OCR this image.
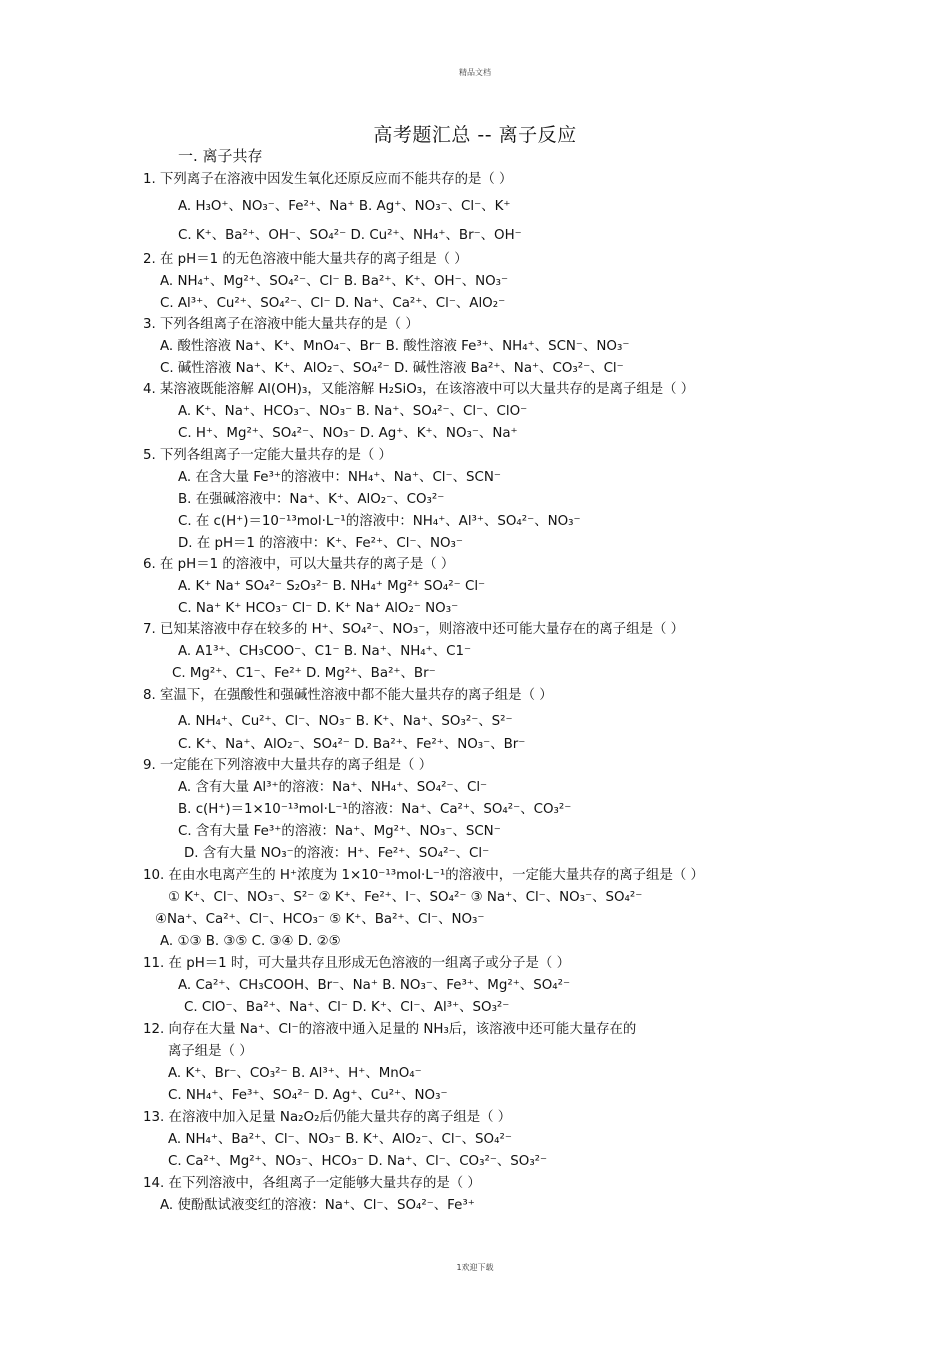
精品文档
高考题汇总 -- 离子反应
一. 离子共存
1. 下列离子在溶液中因发生氧化还原反应而不能共存的是（ ）
A. H₃O⁺、NO₃⁻、Fe²⁺、Na⁺ B. Ag⁺、NO₃⁻、Cl⁻、K⁺
C. K⁺、Ba²⁺、OH⁻、SO₄²⁻ D. Cu²⁺、NH₄⁺、Br⁻、OH⁻
2. 在 pH＝1 的无色溶液中能大量共存的离子组是（ ）
A. NH₄⁺、Mg²⁺、SO₄²⁻、Cl⁻ B. Ba²⁺、K⁺、OH⁻、NO₃⁻
C. Al³⁺、Cu²⁺、SO₄²⁻、Cl⁻ D. Na⁺、Ca²⁺、Cl⁻、AlO₂⁻
3. 下列各组离子在溶液中能大量共存的是（ ）
A. 酸性溶液 Na⁺、K⁺、MnO₄⁻、Br⁻ B. 酸性溶液 Fe³⁺、NH₄⁺、SCN⁻、NO₃⁻
C. 碱性溶液 Na⁺、K⁺、AlO₂⁻、SO₄²⁻ D. 碱性溶液 Ba²⁺、Na⁺、CO₃²⁻、Cl⁻
4. 某溶液既能溶解 Al(OH)₃，又能溶解 H₂SiO₃，在该溶液中可以大量共存的是离子组是（ ）
A. K⁺、Na⁺、HCO₃⁻、NO₃⁻ B. Na⁺、SO₄²⁻、Cl⁻、ClO⁻
C. H⁺、Mg²⁺、SO₄²⁻、NO₃⁻ D. Ag⁺、K⁺、NO₃⁻、Na⁺
5. 下列各组离子一定能大量共存的是（ ）
A. 在含大量 Fe³⁺的溶液中：NH₄⁺、Na⁺、Cl⁻、SCN⁻
B. 在强碱溶液中：Na⁺、K⁺、AlO₂⁻、CO₃²⁻
C. 在 c(H⁺)＝10⁻¹³mol·L⁻¹的溶液中：NH₄⁺、Al³⁺、SO₄²⁻、NO₃⁻
D. 在 pH＝1 的溶液中：K⁺、Fe²⁺、Cl⁻、NO₃⁻
6. 在 pH＝1 的溶液中，可以大量共存的离子是（ ）
A. K⁺ Na⁺ SO₄²⁻ S₂O₃²⁻ B. NH₄⁺ Mg²⁺ SO₄²⁻ Cl⁻
C. Na⁺ K⁺ HCO₃⁻ Cl⁻ D. K⁺ Na⁺ AlO₂⁻ NO₃⁻
7. 已知某溶液中存在较多的 H⁺、SO₄²⁻、NO₃⁻，则溶液中还可能大量存在的离子组是（ ）
A. A1³⁺、CH₃COO⁻、C1⁻ B. Na⁺、NH₄⁺、C1⁻
C. Mg²⁺、C1⁻、Fe²⁺ D. Mg²⁺、Ba²⁺、Br⁻
8. 室温下，在强酸性和强碱性溶液中都不能大量共存的离子组是（ ）
A. NH₄⁺、Cu²⁺、Cl⁻、NO₃⁻ B. K⁺、Na⁺、SO₃²⁻、S²⁻
C. K⁺、Na⁺、AlO₂⁻、SO₄²⁻ D. Ba²⁺、Fe²⁺、NO₃⁻、Br⁻
9. 一定能在下列溶液中大量共存的离子组是（ ）
A. 含有大量 Al³⁺的溶液：Na⁺、NH₄⁺、SO₄²⁻、Cl⁻
B. c(H⁺)＝1×10⁻¹³mol·L⁻¹的溶液：Na⁺、Ca²⁺、SO₄²⁻、CO₃²⁻
C. 含有大量 Fe³⁺的溶液：Na⁺、Mg²⁺、NO₃⁻、SCN⁻
D. 含有大量 NO₃⁻的溶液：H⁺、Fe²⁺、SO₄²⁻、Cl⁻
10. 在由水电离产生的 H⁺浓度为 1×10⁻¹³mol·L⁻¹的溶液中，一定能大量共存的离子组是（ ）
① K⁺、Cl⁻、NO₃⁻、S²⁻ ② K⁺、Fe²⁺、I⁻、SO₄²⁻ ③ Na⁺、Cl⁻、NO₃⁻、SO₄²⁻
④Na⁺、Ca²⁺、Cl⁻、HCO₃⁻ ⑤ K⁺、Ba²⁺、Cl⁻、NO₃⁻
A. ①③ B. ③⑤ C. ③④ D. ②⑤
11. 在 pH＝1 时，可大量共存且形成无色溶液的一组离子或分子是（ ）
A. Ca²⁺、CH₃COOH、Br⁻、Na⁺ B. NO₃⁻、Fe³⁺、Mg²⁺、SO₄²⁻
C. ClO⁻、Ba²⁺、Na⁺、Cl⁻ D. K⁺、Cl⁻、Al³⁺、SO₃²⁻
12. 向存在大量 Na⁺、Cl⁻的溶液中通入足量的 NH₃后，该溶液中还可能大量存在的
离子组是（ ）
A. K⁺、Br⁻、CO₃²⁻ B. Al³⁺、H⁺、MnO₄⁻
C. NH₄⁺、Fe³⁺、SO₄²⁻ D. Ag⁺、Cu²⁺、NO₃⁻
13. 在溶液中加入足量 Na₂O₂后仍能大量共存的离子组是（ ）
A. NH₄⁺、Ba²⁺、Cl⁻、NO₃⁻ B. K⁺、AlO₂⁻、Cl⁻、SO₄²⁻
C. Ca²⁺、Mg²⁺、NO₃⁻、HCO₃⁻ D. Na⁺、Cl⁻、CO₃²⁻、SO₃²⁻
14. 在下列溶液中，各组离子一定能够大量共存的是（ ）
A. 使酚酞试液变红的溶液：Na⁺、Cl⁻、SO₄²⁻、Fe³⁺
1欢迎下载
